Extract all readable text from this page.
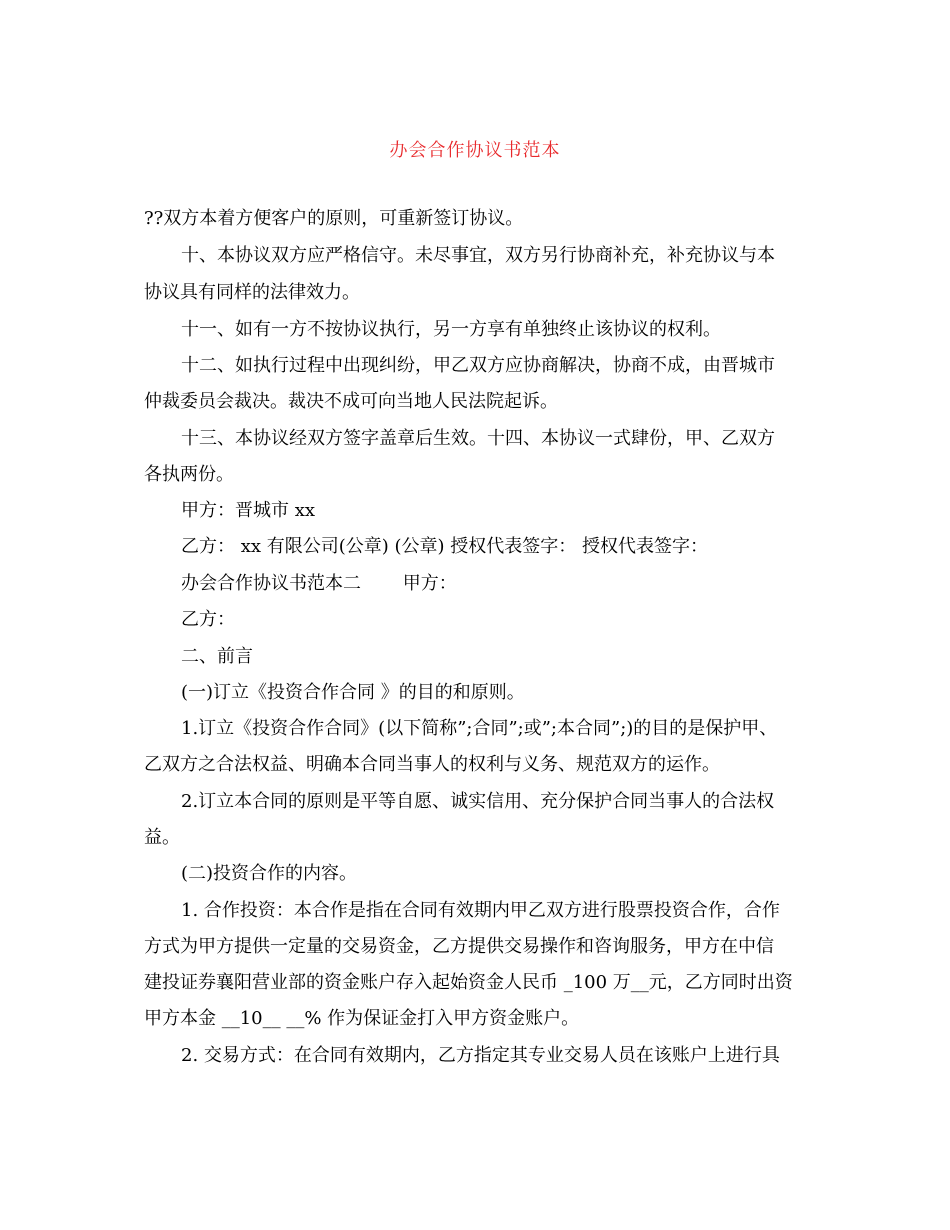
办会合作协议书范本
??双方本着方便客户的原则，可重新签订协议。
十、本协议双方应严格信守。未尽事宜，双方另行协商补充，补充协议与本
协议具有同样的法律效力。
十一、如有一方不按协议执行，另一方享有单独终止该协议的权利。
十二、如执行过程中出现纠纷，甲乙双方应协商解决，协商不成，由晋城市
仲裁委员会裁决。裁决不成可向当地人民法院起诉。
十三、本协议经双方签字盖章后生效。十四、本协议一式肆份，甲、乙双方
各执两份。
甲方：晋城市 xx
乙方： xx 有限公司(公章) (公章) 授权代表签字： 授权代表签字：
办会合作协议书范本二　　 甲方：
乙方：
二、前言
(一)订立《投资合作合同 》的目的和原则。
1.订立《投资合作合同》(以下简称”;合同”;或”;本合同”;)的目的是保护甲、
乙双方之合法权益、明确本合同当事人的权利与义务、规范双方的运作。
2.订立本合同的原则是平等自愿、诚实信用、充分保护合同当事人的合法权
益。
(二)投资合作的内容。
1. 合作投资：本合作是指在合同有效期内甲乙双方进行股票投资合作，合作
方式为甲方提供一定量的交易资金，乙方提供交易操作和咨询服务，甲方在中信
建投证券襄阳营业部的资金账户存入起始资金人民币 _100 万__元，乙方同时出资
甲方本金 __10__ __% 作为保证金打入甲方资金账户。
2. 交易方式：在合同有效期内，乙方指定其专业交易人员在该账户上进行具
